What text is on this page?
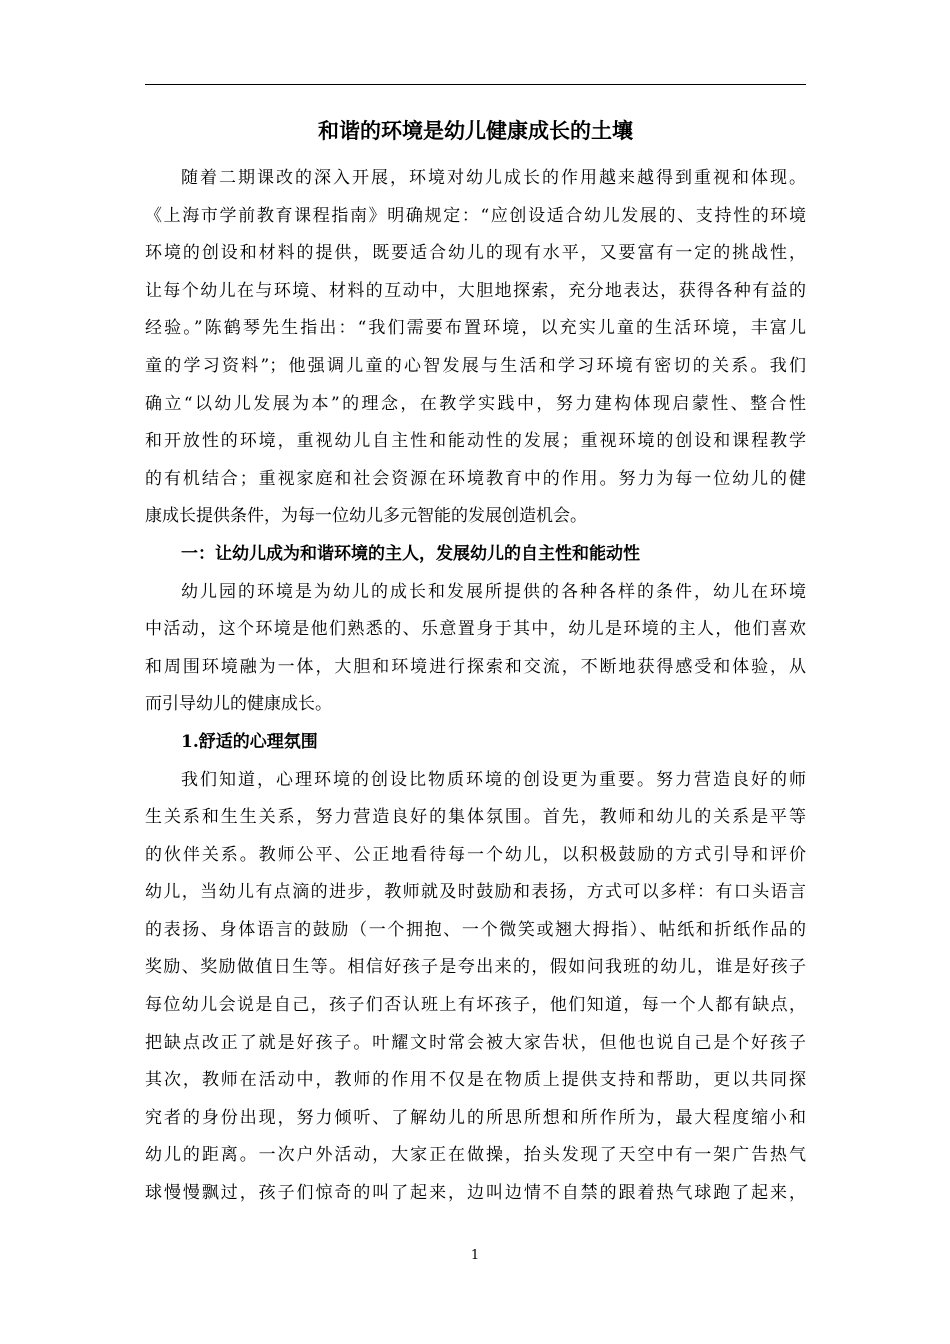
和谐的环境是幼儿健康成长的土壤
随着二期课改的深入开展，环境对幼儿成长的作用越来越得到重视和体现。
《上海市学前教育课程指南》明确规定：“应创设适合幼儿发展的、支持性的环境
环境的创设和材料的提供，既要适合幼儿的现有水平，又要富有一定的挑战性，
让每个幼儿在与环境、材料的互动中，大胆地探索，充分地表达，获得各种有益的
经验。”陈鹤琴先生指出：“我们需要布置环境，以充实儿童的生活环境，丰富儿
童的学习资料”；他强调儿童的心智发展与生活和学习环境有密切的关系。我们
确立“以幼儿发展为本”的理念，在教学实践中，努力建构体现启蒙性、整合性
和开放性的环境，重视幼儿自主性和能动性的发展；重视环境的创设和课程教学
的有机结合；重视家庭和社会资源在环境教育中的作用。努力为每一位幼儿的健
康成长提供条件，为每一位幼儿多元智能的发展创造机会。
一：让幼儿成为和谐环境的主人，发展幼儿的自主性和能动性
幼儿园的环境是为幼儿的成长和发展所提供的各种各样的条件，幼儿在环境
中活动，这个环境是他们熟悉的、乐意置身于其中，幼儿是环境的主人，他们喜欢
和周围环境融为一体，大胆和环境进行探索和交流，不断地获得感受和体验，从
而引导幼儿的健康成长。
1.舒适的心理氛围
我们知道，心理环境的创设比物质环境的创设更为重要。努力营造良好的师
生关系和生生关系，努力营造良好的集体氛围。首先，教师和幼儿的关系是平等
的伙伴关系。教师公平、公正地看待每一个幼儿，以积极鼓励的方式引导和评价
幼儿，当幼儿有点滴的进步，教师就及时鼓励和表扬，方式可以多样：有口头语言
的表扬、身体语言的鼓励（一个拥抱、一个微笑或翘大拇指）、帖纸和折纸作品的
奖励、奖励做值日生等。相信好孩子是夸出来的，假如问我班的幼儿，谁是好孩子
每位幼儿会说是自己，孩子们否认班上有坏孩子，他们知道，每一个人都有缺点，
把缺点改正了就是好孩子。叶耀文时常会被大家告状，但他也说自己是个好孩子
其次，教师在活动中，教师的作用不仅是在物质上提供支持和帮助，更以共同探
究者的身份出现，努力倾听、了解幼儿的所思所想和所作所为，最大程度缩小和
幼儿的距离。一次户外活动，大家正在做操，抬头发现了天空中有一架广告热气
球慢慢飘过，孩子们惊奇的叫了起来，边叫边情不自禁的跟着热气球跑了起来，
1
